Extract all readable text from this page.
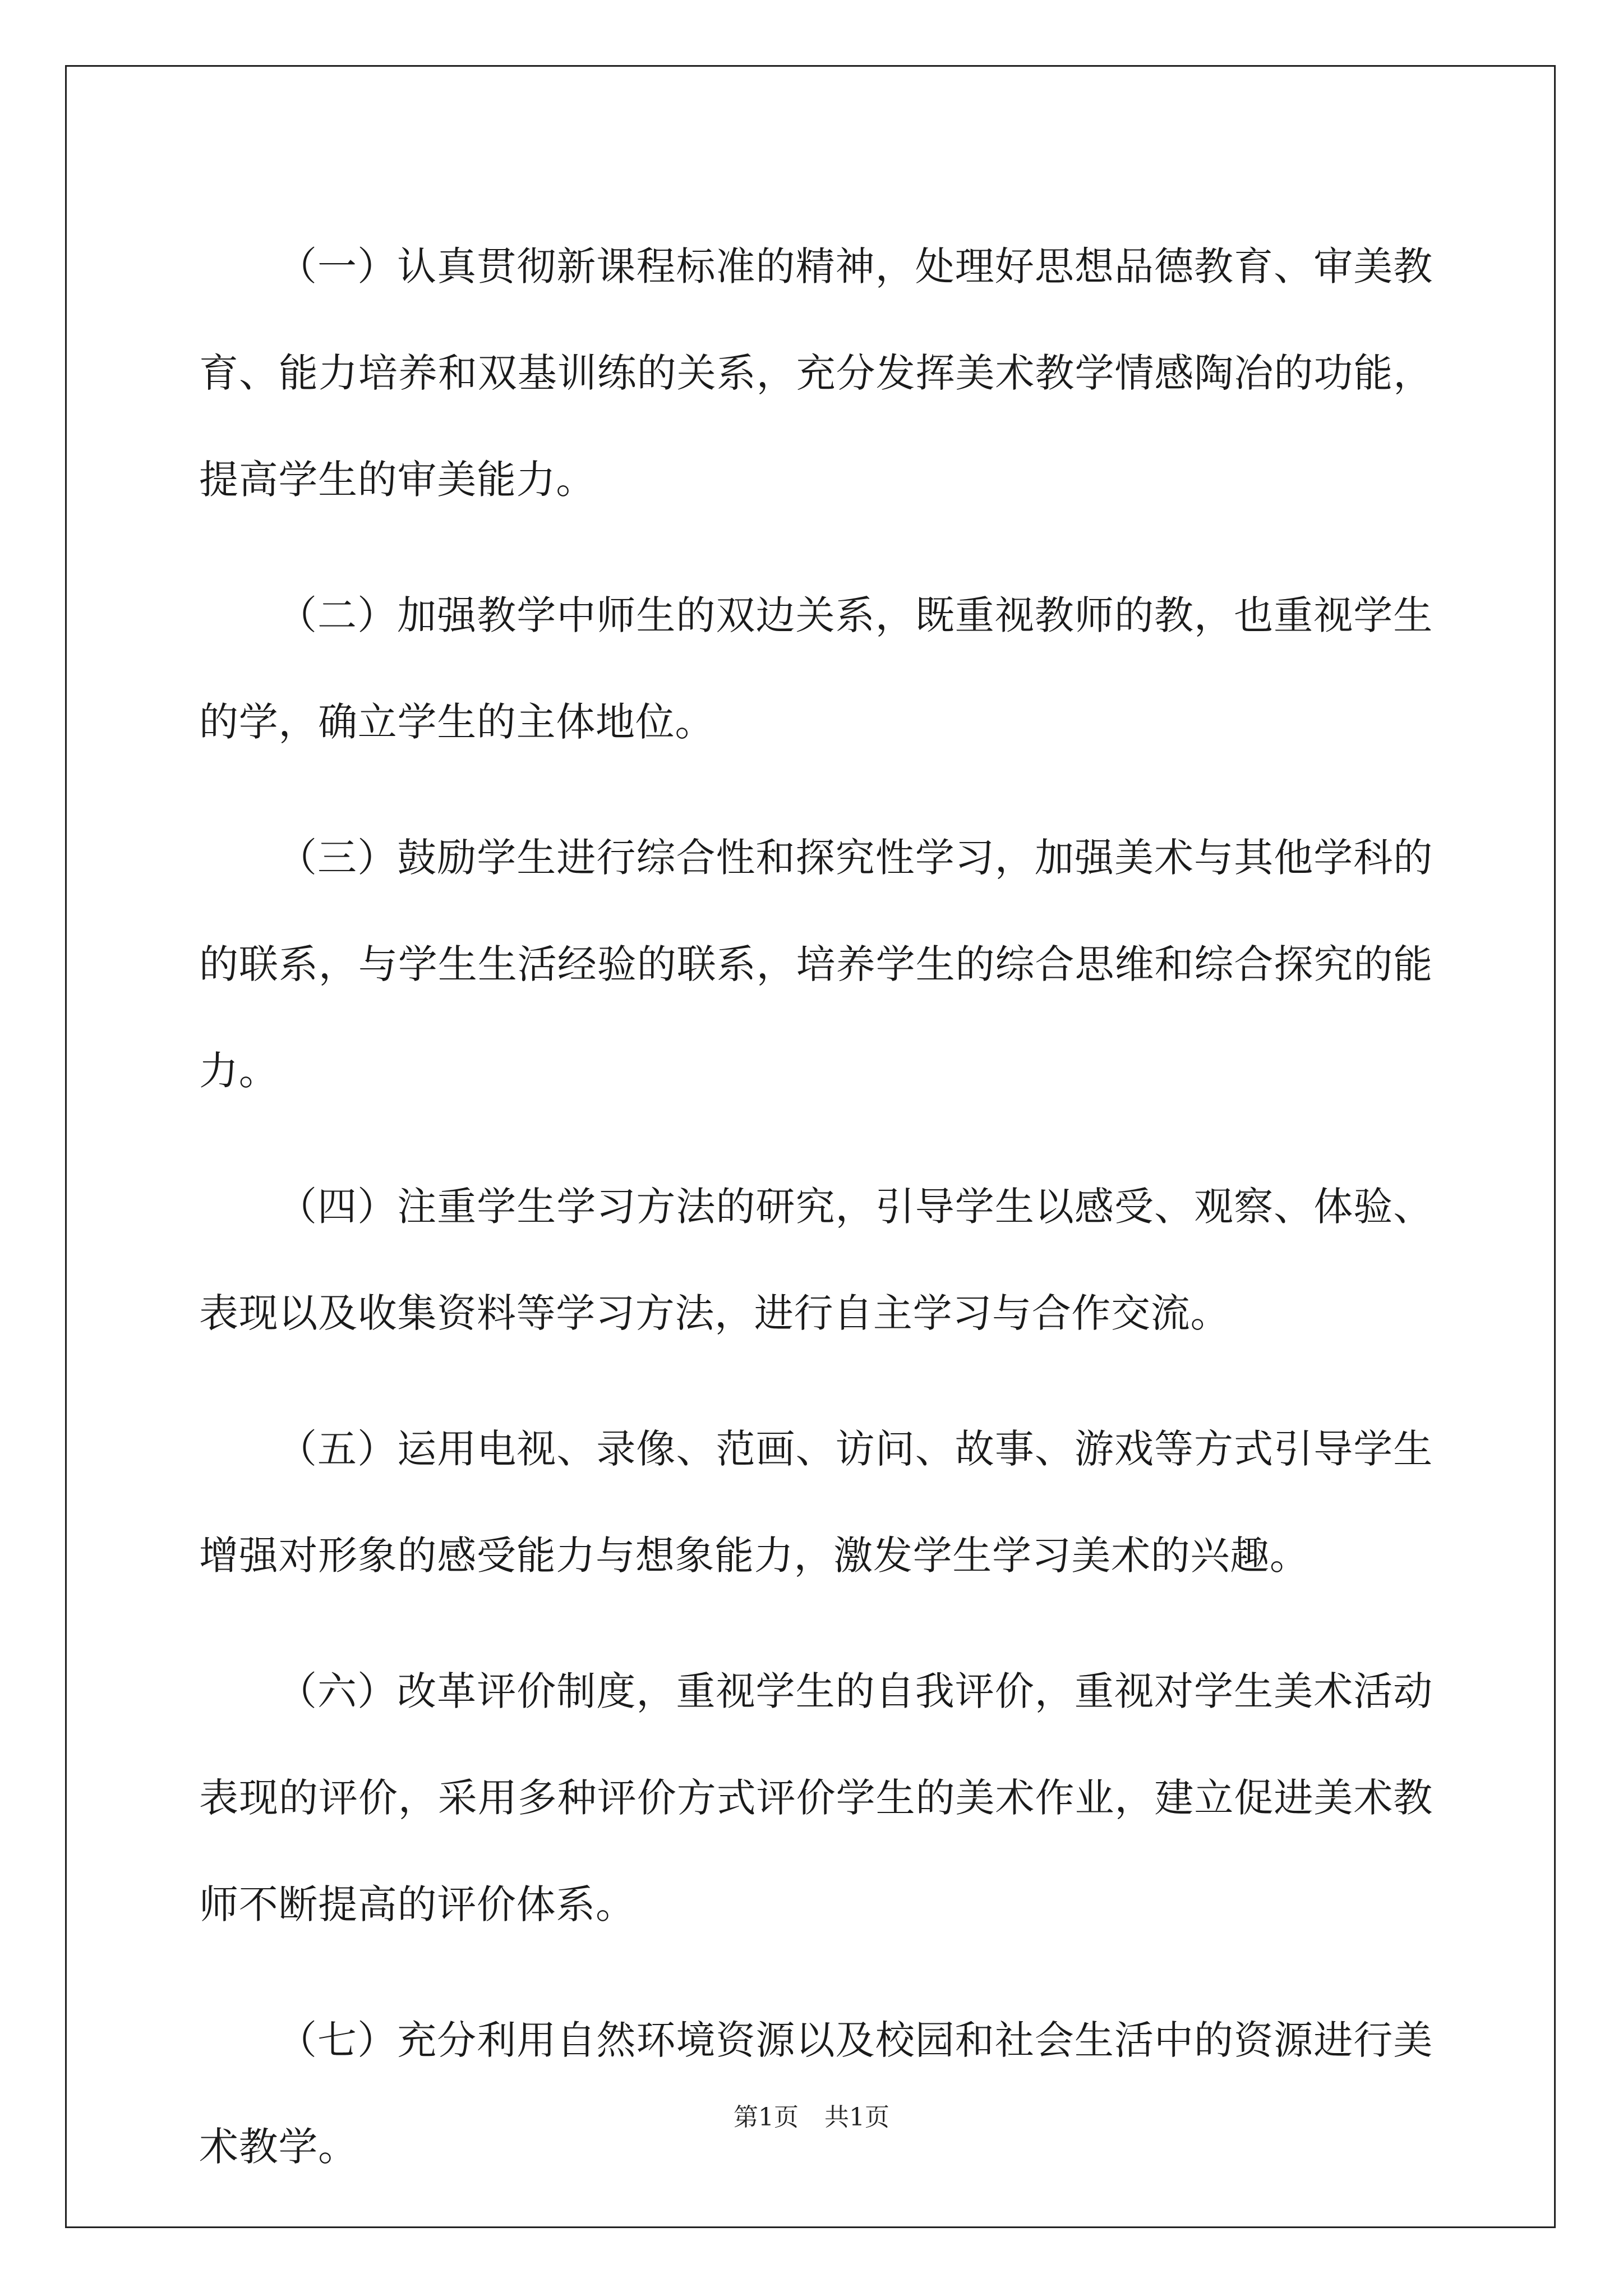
（一）认真贯彻新课程标准的精神，处理好思想品德教育、审美教育、能力培养和双基训练的关系，充分发挥美术教学情感陶冶的功能，提高学生的审美能力。

（二）加强教学中师生的双边关系，既重视教师的教，也重视学生的学，确立学生的主体地位。

（三）鼓励学生进行综合性和探究性学习，加强美术与其他学科的的联系，与学生生活经验的联系，培养学生的综合思维和综合探究的能力。

（四）注重学生学习方法的研究，引导学生以感受、观察、体验、表现以及收集资料等学习方法，进行自主学习与合作交流。

（五）运用电视、录像、范画、访问、故事、游戏等方式引导学生增强对形象的感受能力与想象能力，激发学生学习美术的兴趣。

（六）改革评价制度，重视学生的自我评价，重视对学生美术活动表现的评价，采用多种评价方式评价学生的美术作业，建立促进美术教师不断提高的评价体系。

（七）充分利用自然环境资源以及校园和社会生活中的资源进行美术教学。

第1页 共1页
